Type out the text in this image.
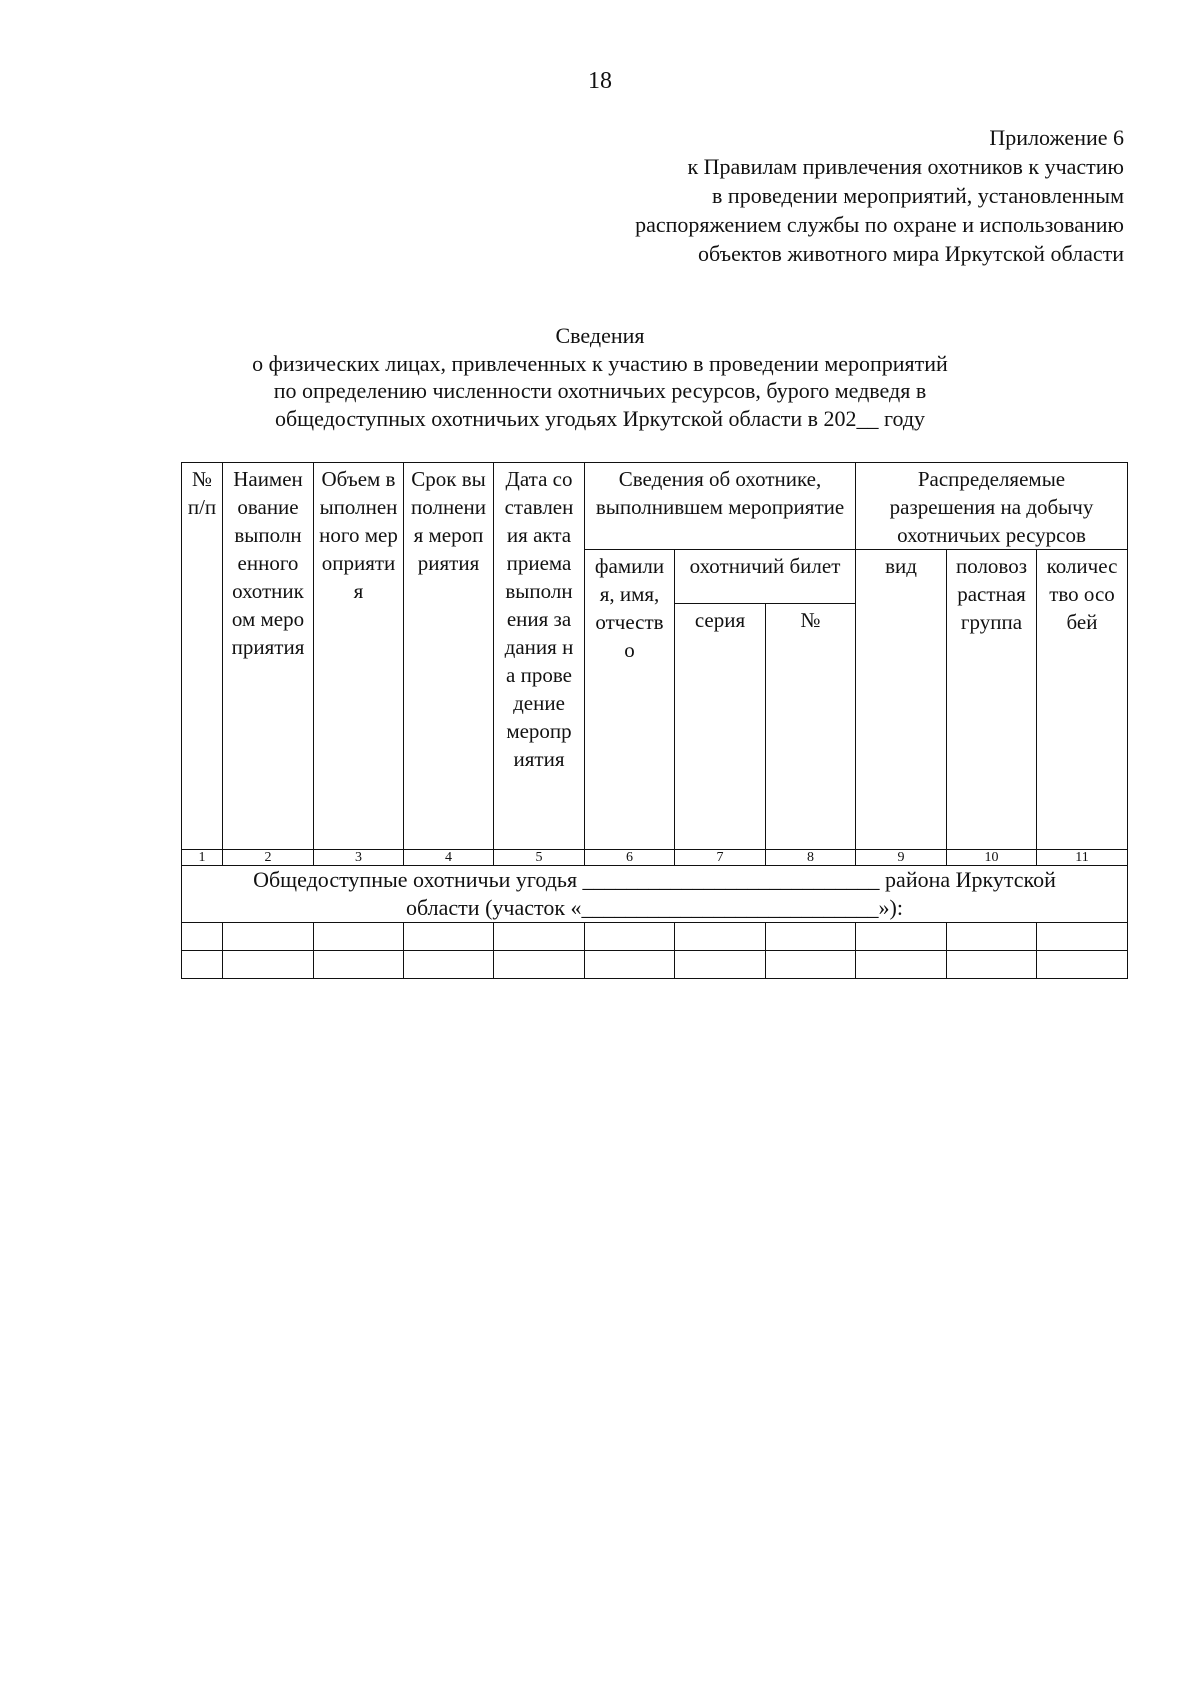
18
Приложение 6
к Правилам привлечения охотников к участию
в проведении мероприятий, установленным
распоряжением службы по охране и использованию
объектов животного мира Иркутской области
Сведения
о физических лицах, привлеченных к участию в проведении мероприятий
по определению численности охотничьих ресурсов, бурого медведя в
общедоступных охотничьих угодьях Иркутской области в 202__ году
№ п/п	Наименование выполненного охотником мероприятия	Объем выполненного мероприятия	Срок выполнения мероприятия	Дата составления акта приема выполнения задания на проведение мероприятия	Сведения об охотнике, выполнившем мероприятие			Распределяемые разрешения на добычу охотничьих ресурсов		

					фамилия, имя, отчество	охотничий билет		вид	половозрастная группа	количество особей

						серия	№			

1	2	3	4	5	6	7	8	9	10	11

Общедоступные охотничьи угодья ___________________________ района Иркутской
области (участок «___________________________»):										
